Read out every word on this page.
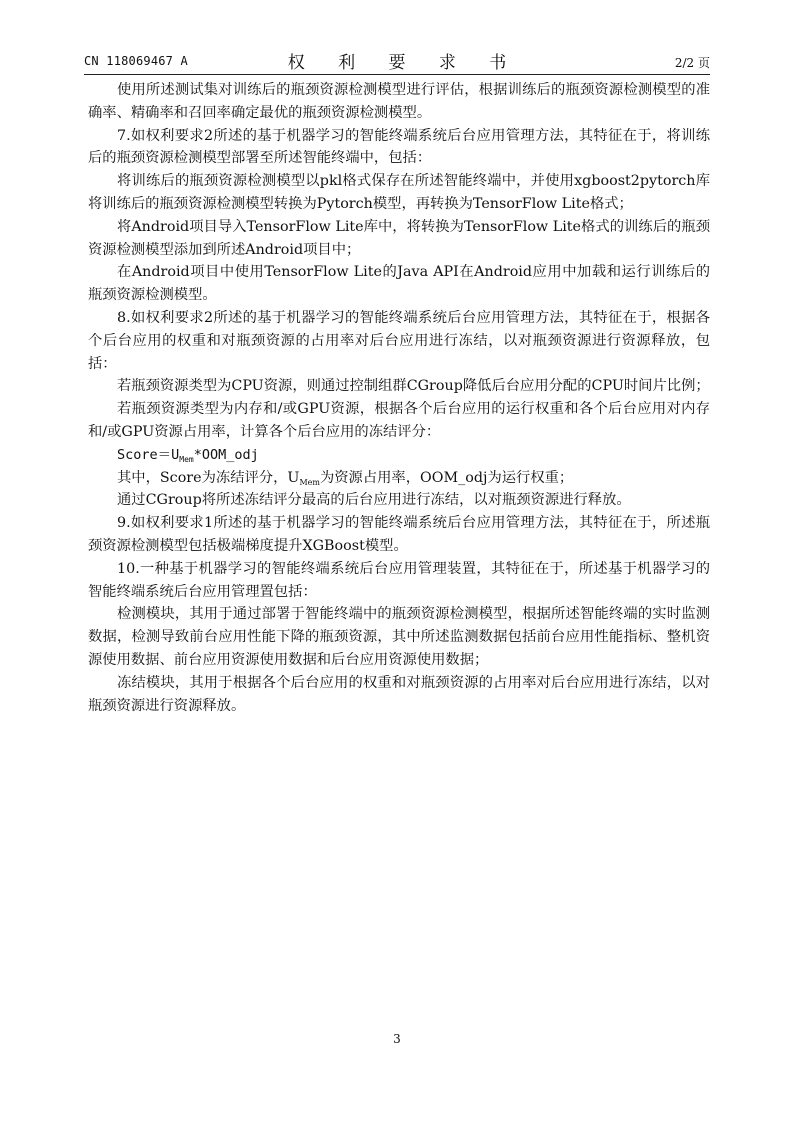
CN 118069467 A	权 利 要 求 书	2/2 页

使用所述测试集对训练后的瓶颈资源检测模型进行评估，根据训练后的瓶颈资源检测模型的准确率、精确率和召回率确定最优的瓶颈资源检测模型。

7.如权利要求2所述的基于机器学习的智能终端系统后台应用管理方法，其特征在于，将训练后的瓶颈资源检测模型部署至所述智能终端中，包括：

将训练后的瓶颈资源检测模型以pkl格式保存在所述智能终端中，并使用xgboost2pytorch库将训练后的瓶颈资源检测模型转换为Pytorch模型，再转换为TensorFlow Lite格式；

将Android项目导入TensorFlow Lite库中，将转换为TensorFlow Lite格式的训练后的瓶颈资源检测模型添加到所述Android项目中；

在Android项目中使用TensorFlow Lite的Java API在Android应用中加载和运行训练后的瓶颈资源检测模型。

8.如权利要求2所述的基于机器学习的智能终端系统后台应用管理方法，其特征在于，根据各个后台应用的权重和对瓶颈资源的占用率对后台应用进行冻结，以对瓶颈资源进行资源释放，包括：

若瓶颈资源类型为CPU资源，则通过控制组群CGroup降低后台应用分配的CPU时间片比例；

若瓶颈资源类型为内存和/或GPU资源，根据各个后台应用的运行权重和各个后台应用对内存和/或GPU资源占用率，计算各个后台应用的冻结评分：

$Score=U_{Mem}*OOM\_odj$

其中，Score为冻结评分，$U_{Mem}$为资源占用率，OOM_odj为运行权重；

通过CGroup将所述冻结评分最高的后台应用进行冻结，以对瓶颈资源进行释放。

9.如权利要求1所述的基于机器学习的智能终端系统后台应用管理方法，其特征在于，所述瓶颈资源检测模型包括极端梯度提升XGBoost模型。

10.一种基于机器学习的智能终端系统后台应用管理装置，其特征在于，所述基于机器学习的智能终端系统后台应用管理置包括：

检测模块，其用于通过部署于智能终端中的瓶颈资源检测模型，根据所述智能终端的实时监测数据，检测导致前台应用性能下降的瓶颈资源，其中所述监测数据包括前台应用性能指标、整机资源使用数据、前台应用资源使用数据和后台应用资源使用数据；

冻结模块，其用于根据各个后台应用的权重和对瓶颈资源的占用率对后台应用进行冻结，以对瓶颈资源进行资源释放。

3
